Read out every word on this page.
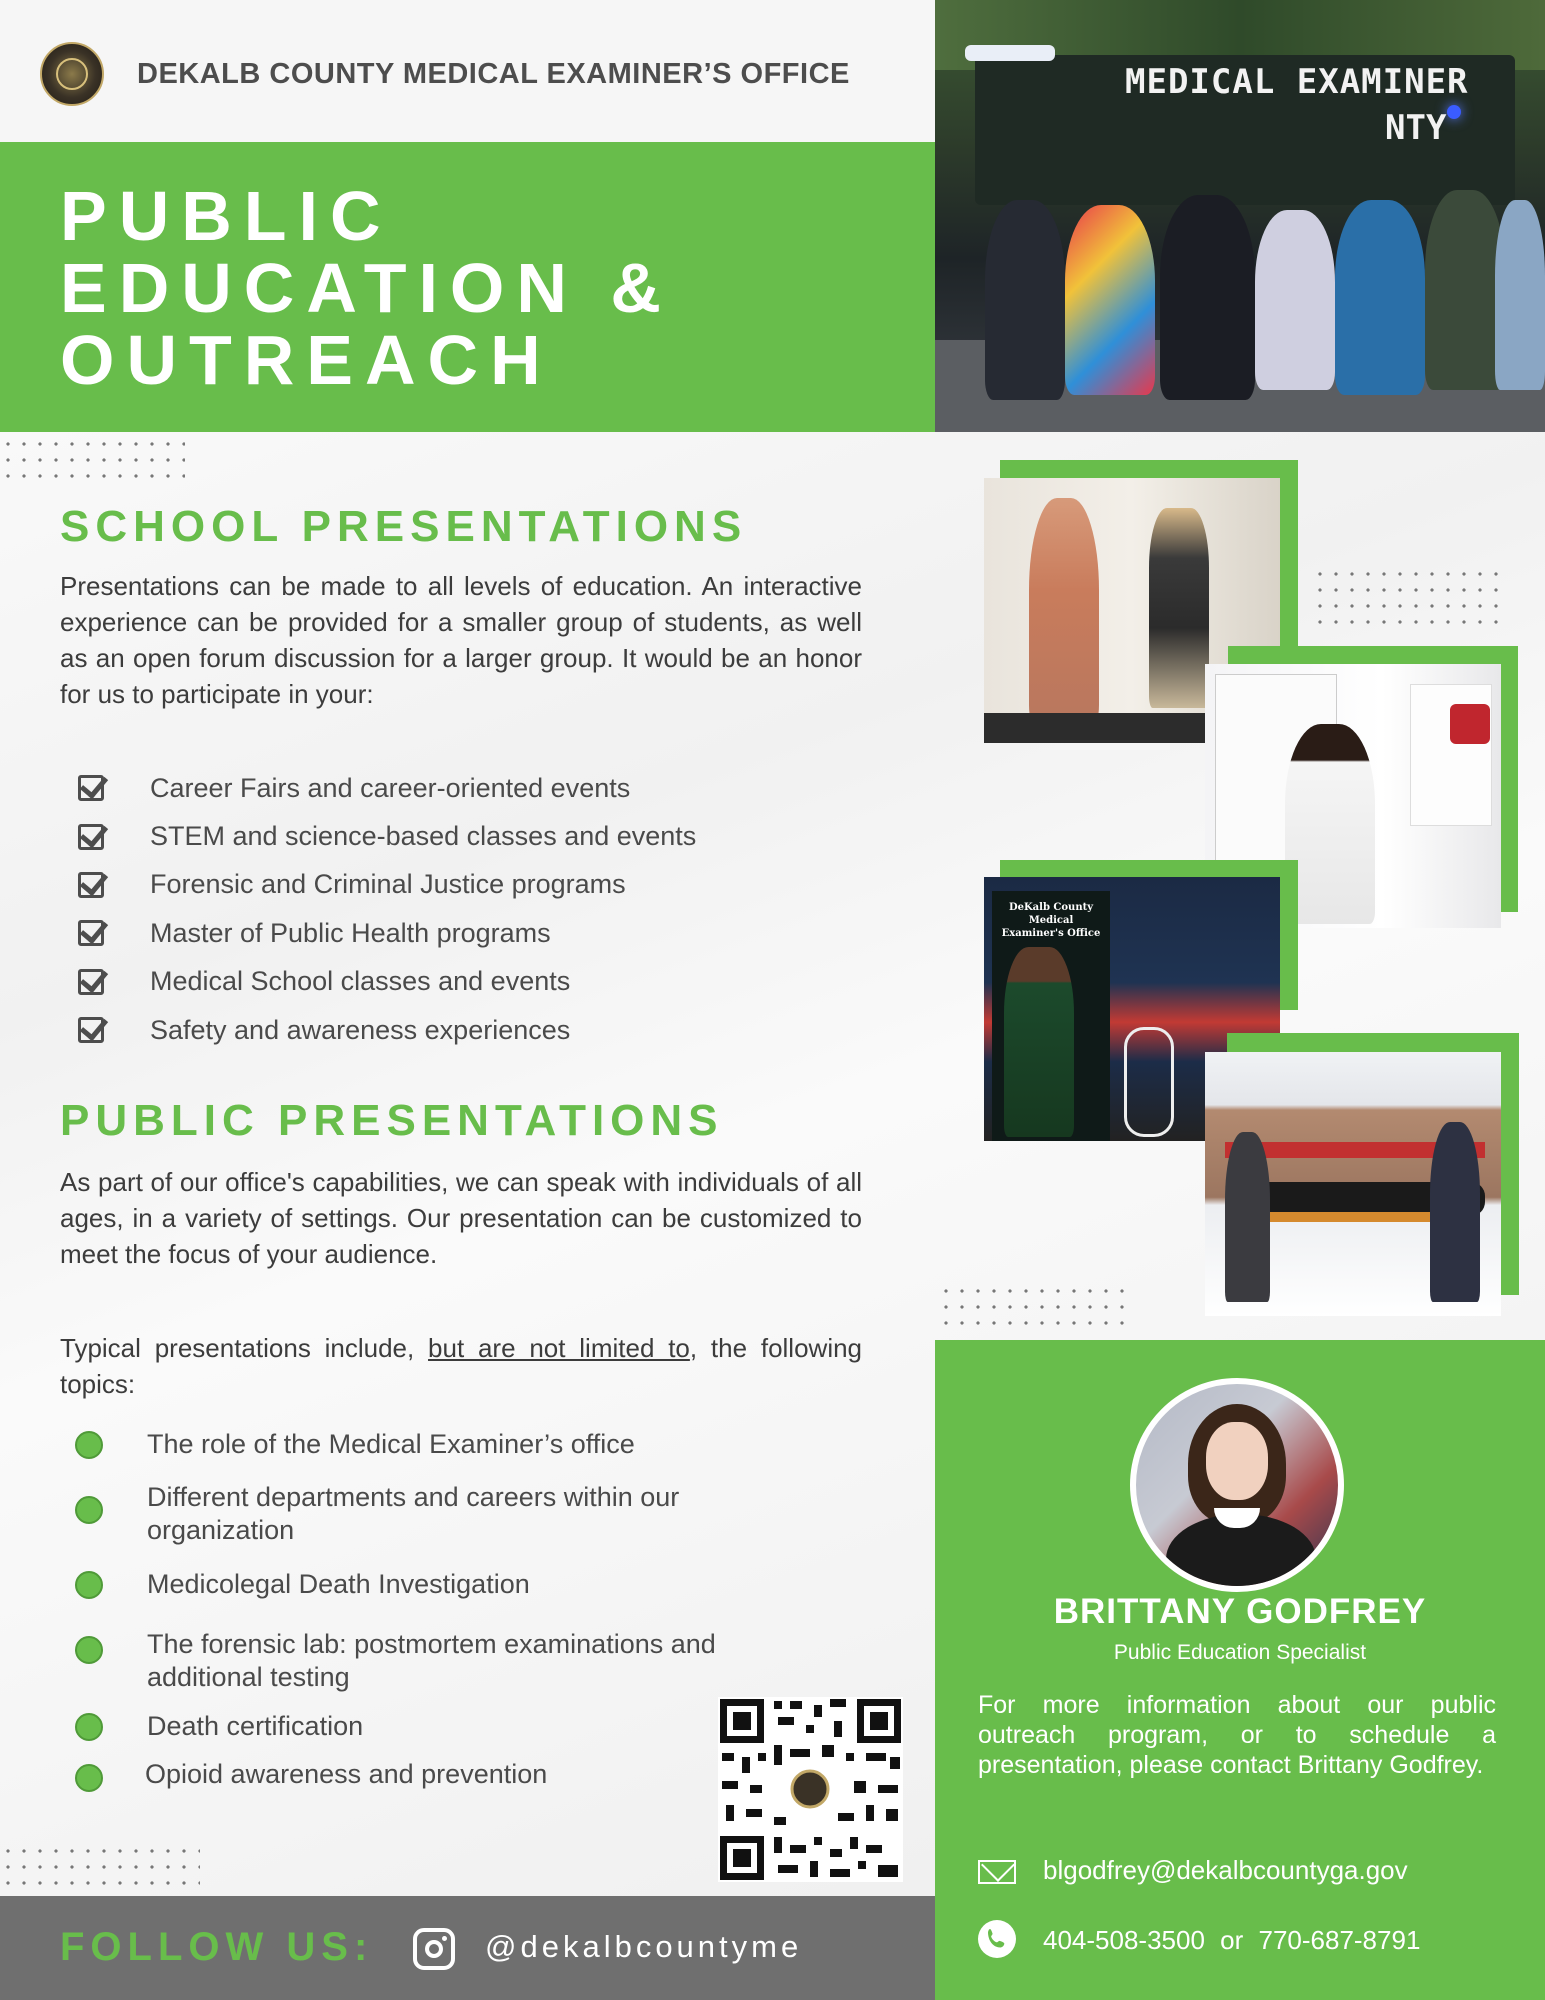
DEKALB COUNTY MEDICAL EXAMINER’S OFFICE
PUBLIC
EDUCATION &
OUTREACH
MEDICAL EXAMINER
NTY
SCHOOL PRESENTATIONS
Presentations can be made to all levels of education. An interactive experience can be provided for a smaller group of students, as well as an open forum discussion for a larger group. It would be an honor for us to participate in your:
Career Fairs and career-oriented events
STEM and science-based classes and events
Forensic and Criminal Justice programs
Master of Public Health programs
Medical School classes and events
Safety and awareness experiences
PUBLIC PRESENTATIONS
As part of our office's capabilities, we can speak with individuals of all ages, in a variety of settings. Our presentation can be customized to meet the focus of your audience.
Typical presentations include, but are not limited to, the following topics:
The role of the Medical Examiner’s office
Different departments and careers within our organization
Medicolegal Death Investigation
The forensic lab: postmortem examinations and additional testing
Death certification
Opioid awareness and prevention
FOLLOW US:	@dekalbcountyme
DeKalb County Medical Examiner's Office
BRITTANY GODFREY
Public Education Specialist
For more information about our public outreach program, or to schedule a presentation, please contact Brittany Godfrey.
blgodfrey@dekalbcountyga.gov
404-508-3500 or 770-687-8791
